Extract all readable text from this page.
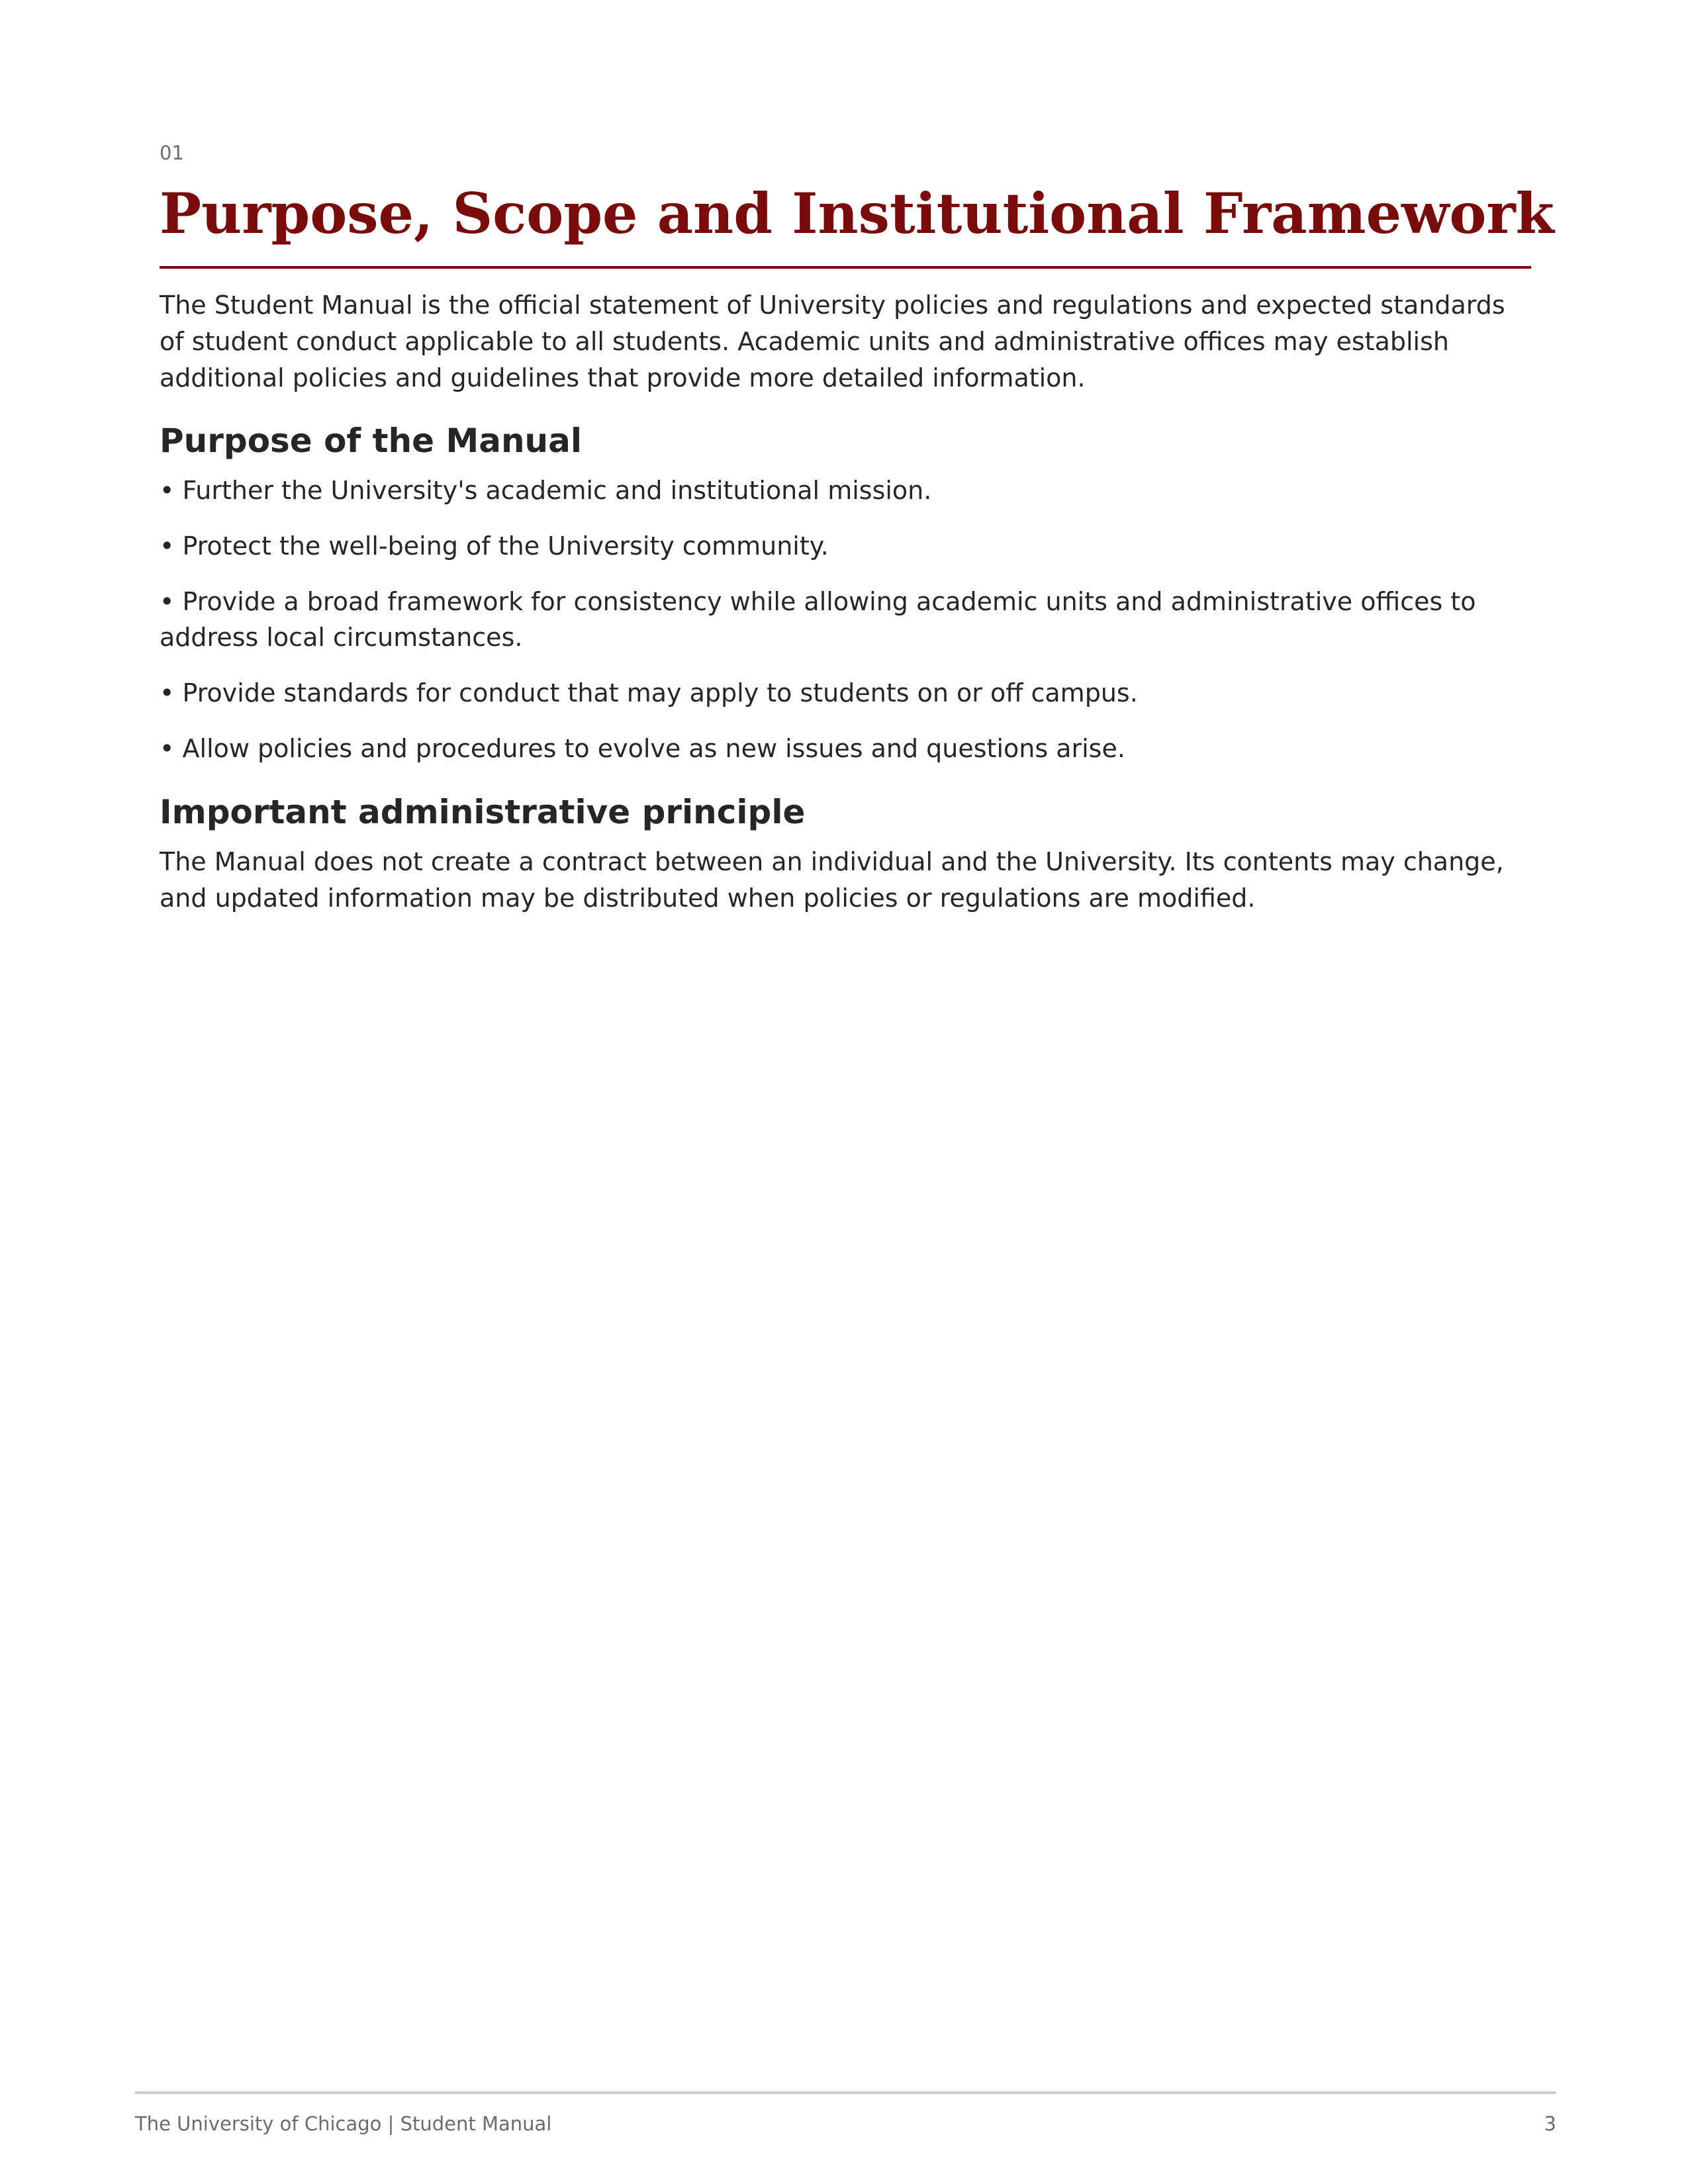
01

Purpose, Scope and Institutional Framework

The Student Manual is the official statement of University policies and regulations and expected standards of student conduct applicable to all students. Academic units and administrative offices may establish additional policies and guidelines that provide more detailed information.

Purpose of the Manual
• Further the University's academic and institutional mission.
• Protect the well-being of the University community.
• Provide a broad framework for consistency while allowing academic units and administrative offices to address local circumstances.
• Provide standards for conduct that may apply to students on or off campus.
• Allow policies and procedures to evolve as new issues and questions arise.
Important administrative principle

The Manual does not create a contract between an individual and the University. Its contents may change, and updated information may be distributed when policies or regulations are modified.

The University of Chicago | Student Manual	3
